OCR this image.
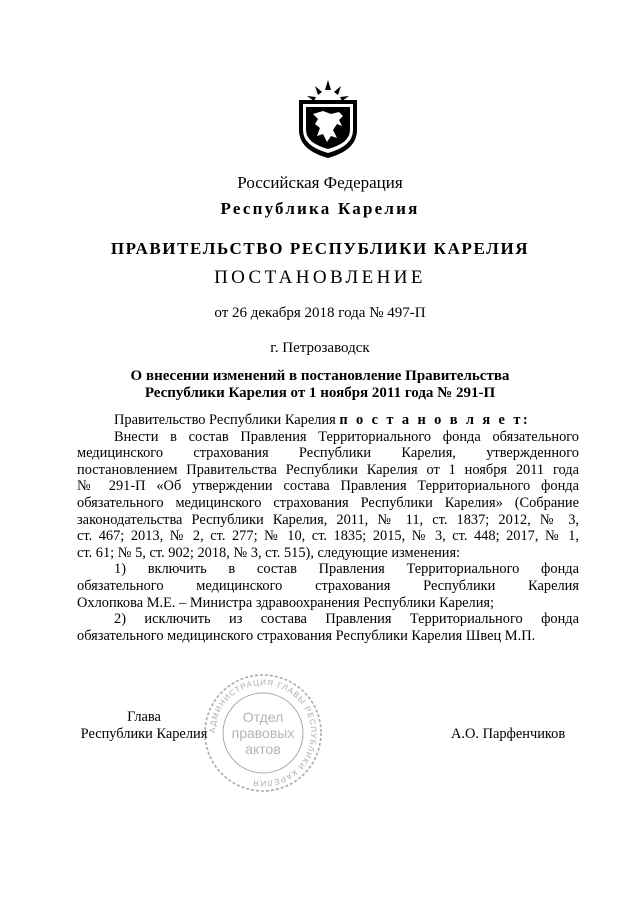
Российская Федерация
Республика Карелия
ПРАВИТЕЛЬСТВО РЕСПУБЛИКИ КАРЕЛИЯ
ПОСТАНОВЛЕНИЕ
от 26 декабря 2018 года № 497-П
г. Петрозаводск
О внесении изменений в постановление Правительства
Республики Карелия от 1 ноября 2011 года № 291-П
Правительство Республики Карелия п о с т а н о в л я е т:
Внести в состав Правления Территориального фонда обязательного
медицинского страхования Республики Карелия, утвержденного
постановлением Правительства Республики Карелия от 1 ноября 2011 года
№ 291-П «Об утверждении состава Правления Территориального фонда
обязательного медицинского страхования Республики Карелия» (Собрание
законодательства Республики Карелия, 2011, № 11, ст. 1837; 2012, № 3,
ст. 467; 2013, № 2, ст. 277; № 10, ст. 1835; 2015, № 3, ст. 448; 2017, № 1,
ст. 61; № 5, ст. 902; 2018, № 3, ст. 515), следующие изменения:
1) включить в состав Правления Территориального фонда
обязательного медицинского страхования Республики Карелия
Охлопкова М.Е. – Министра здравоохранения Республики Карелия;
2) исключить из состава Правления Территориального фонда
обязательного медицинского страхования Республики Карелия Швец М.П.
Глава
Республики Карелия АДМИНИСТРАЦИЯ ГЛАВЫ РЕСПУБЛИКИ КАРЕЛИЯ
Отдел
правовых
актов
А.О. Парфенчиков
